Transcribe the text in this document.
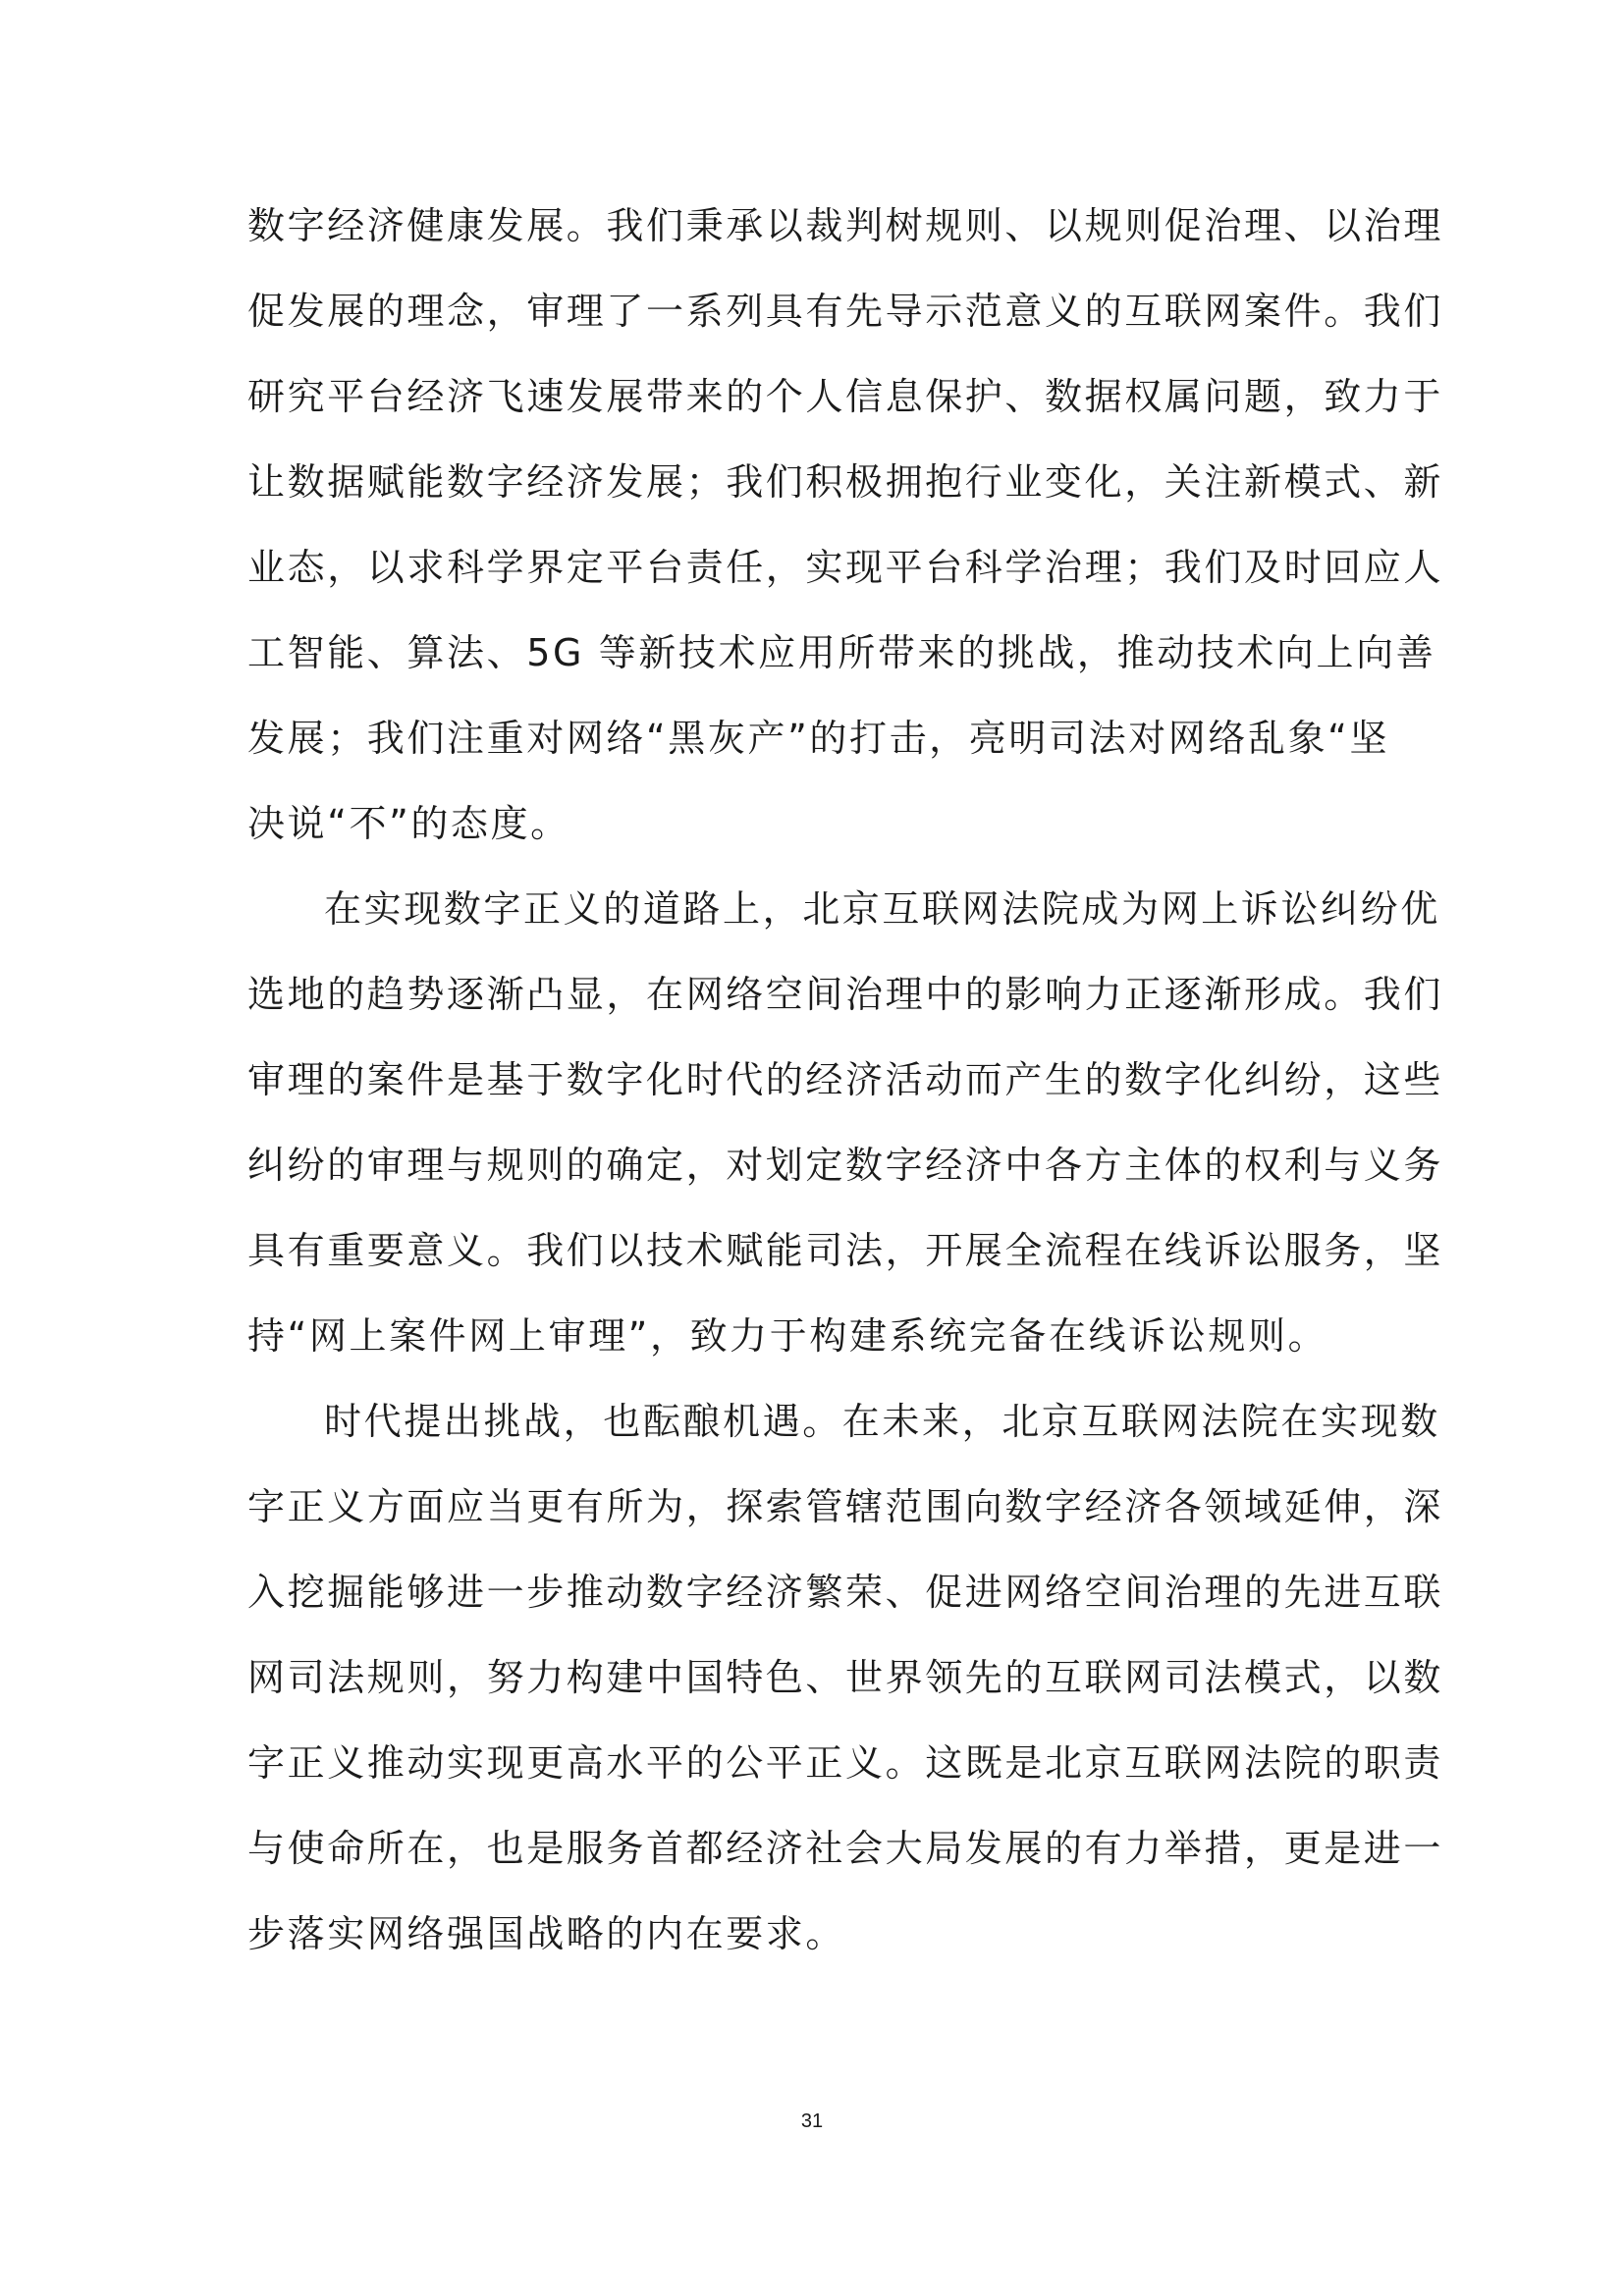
数字经济健康发展。我们秉承以裁判树规则、以规则促治理、以治理
促发展的理念，审理了一系列具有先导示范意义的互联网案件。我们
研究平台经济飞速发展带来的个人信息保护、数据权属问题，致力于
让数据赋能数字经济发展；我们积极拥抱行业变化，关注新模式、新
业态，以求科学界定平台责任，实现平台科学治理；我们及时回应人
工智能、算法、5G 等新技术应用所带来的挑战，推动技术向上向善
发展；我们注重对网络“黑灰产”的打击，亮明司法对网络乱象“坚
决说“不”的态度。
在实现数字正义的道路上，北京互联网法院成为网上诉讼纠纷优
选地的趋势逐渐凸显，在网络空间治理中的影响力正逐渐形成。我们
审理的案件是基于数字化时代的经济活动而产生的数字化纠纷，这些
纠纷的审理与规则的确定，对划定数字经济中各方主体的权利与义务
具有重要意义。我们以技术赋能司法，开展全流程在线诉讼服务，坚
持“网上案件网上审理”，致力于构建系统完备在线诉讼规则。
时代提出挑战，也酝酿机遇。在未来，北京互联网法院在实现数
字正义方面应当更有所为，探索管辖范围向数字经济各领域延伸，深
入挖掘能够进一步推动数字经济繁荣、促进网络空间治理的先进互联
网司法规则，努力构建中国特色、世界领先的互联网司法模式，以数
字正义推动实现更高水平的公平正义。这既是北京互联网法院的职责
与使命所在，也是服务首都经济社会大局发展的有力举措，更是进一
步落实网络强国战略的内在要求。
31
